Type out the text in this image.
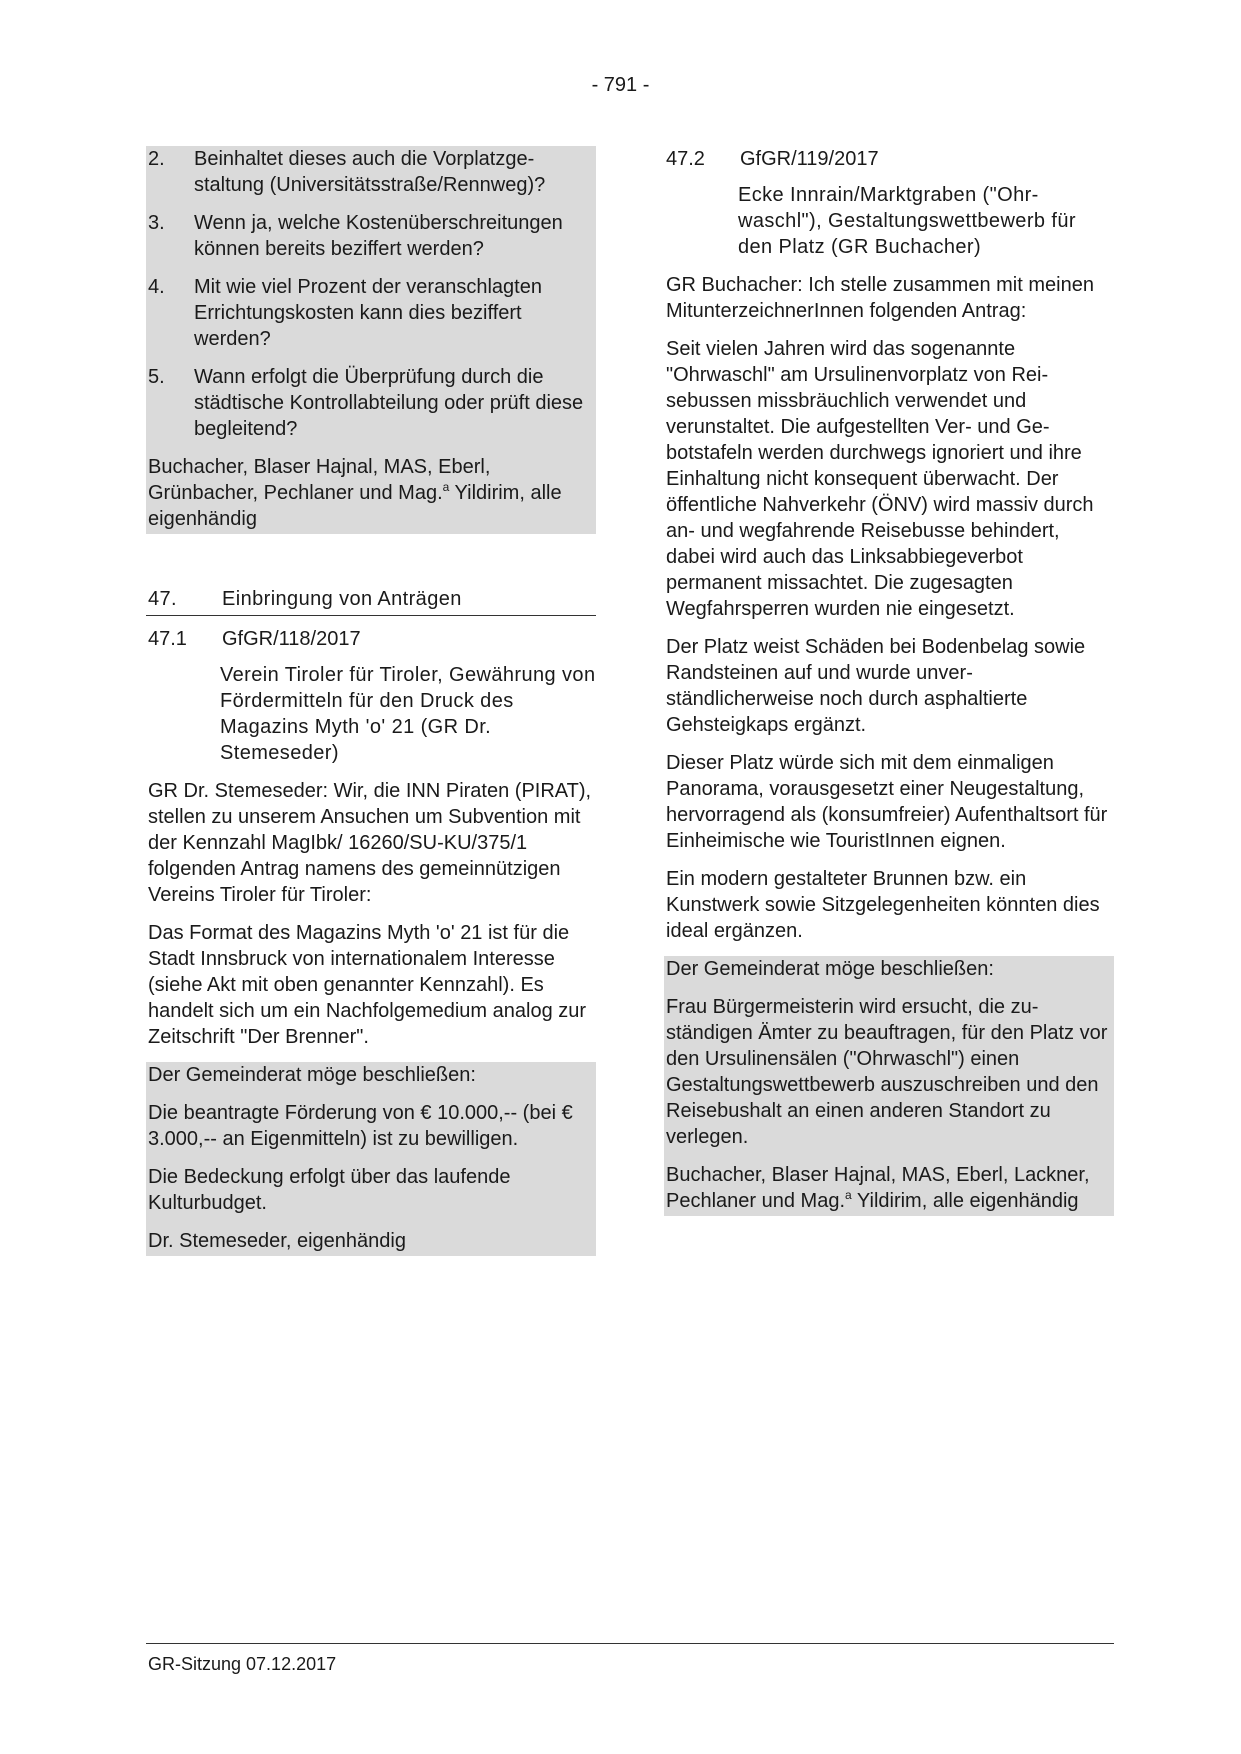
- 791 -
2.	Beinhaltet dieses auch die Vorplatzgestaltung (Universitätsstraße/Rennweg)?
3.	Wenn ja, welche Kostenüberschreitungen können bereits beziffert werden?
4.	Mit wie viel Prozent der veranschlagten Errichtungskosten kann dies beziffert werden?
5.	Wann erfolgt die Überprüfung durch die städtische Kontrollabteilung oder prüft diese begleitend?

Buchacher, Blaser Hajnal, MAS, Eberl, Grünbacher, Pechlaner und Mag.$^a$ Yildirim, alle eigenhändig

47.	Einbringung von Anträgen
47.1	GfGR/118/2017

Verein Tiroler für Tiroler, Gewährung von Fördermitteln für den Druck des Magazins Myth 'o' 21 (GR Dr. Stemeseder)

GR Dr. Stemeseder: Wir, die INN Piraten (PIRAT), stellen zu unserem Ansuchen um Subvention mit der Kennzahl MagIbk/ 16260/SU-KU/375/1 folgenden Antrag namens des gemeinnützigen Vereins Tiroler für Tiroler:

Das Format des Magazins Myth 'o' 21 ist für die Stadt Innsbruck von internationalem Interesse (siehe Akt mit oben genannter Kennzahl). Es handelt sich um ein Nachfolgemedium analog zur Zeitschrift "Der Brenner".

Der Gemeinderat möge beschließen:

Die beantragte Förderung von € 10.000,-- (bei € 3.000,-- an Eigenmitteln) ist zu bewilligen.

Die Bedeckung erfolgt über das laufende Kulturbudget.

Dr. Stemeseder, eigenhändig

47.2	GfGR/119/2017

Ecke Innrain/Marktgraben ("Ohrwaschl"), Gestaltungswettbewerb für den Platz (GR Buchacher)

GR Buchacher: Ich stelle zusammen mit meinen MitunterzeichnerInnen folgenden Antrag:

Seit vielen Jahren wird das sogenannte "Ohrwaschl" am Ursulinenvorplatz von Reisebussen missbräuchlich verwendet und verunstaltet. Die aufgestellten Ver- und Gebotstafeln werden durchwegs ignoriert und ihre Einhaltung nicht konsequent überwacht. Der öffentliche Nahverkehr (ÖNV) wird massiv durch an- und wegfahrende Reisebusse behindert, dabei wird auch das Linksabbiegeverbot permanent missachtet. Die zugesagten Wegfahrsperren wurden nie eingesetzt.

Der Platz weist Schäden bei Bodenbelag sowie Randsteinen auf und wurde unverständlicherweise noch durch asphaltierte Gehsteigkaps ergänzt.

Dieser Platz würde sich mit dem einmaligen Panorama, vorausgesetzt einer Neugestaltung, hervorragend als (konsumfreier) Aufenthaltsort für Einheimische wie TouristInnen eignen.

Ein modern gestalteter Brunnen bzw. ein Kunstwerk sowie Sitzgelegenheiten könnten dies ideal ergänzen.

Der Gemeinderat möge beschließen:

Frau Bürgermeisterin wird ersucht, die zuständigen Ämter zu beauftragen, für den Platz vor den Ursulinensälen ("Ohrwaschl") einen Gestaltungswettbewerb auszuschreiben und den Reisebushalt an einen anderen Standort zu verlegen.

Buchacher, Blaser Hajnal, MAS, Eberl, Lackner, Pechlaner und Mag.$^a$ Yildirim, alle eigenhändig

GR-Sitzung 07.12.2017
